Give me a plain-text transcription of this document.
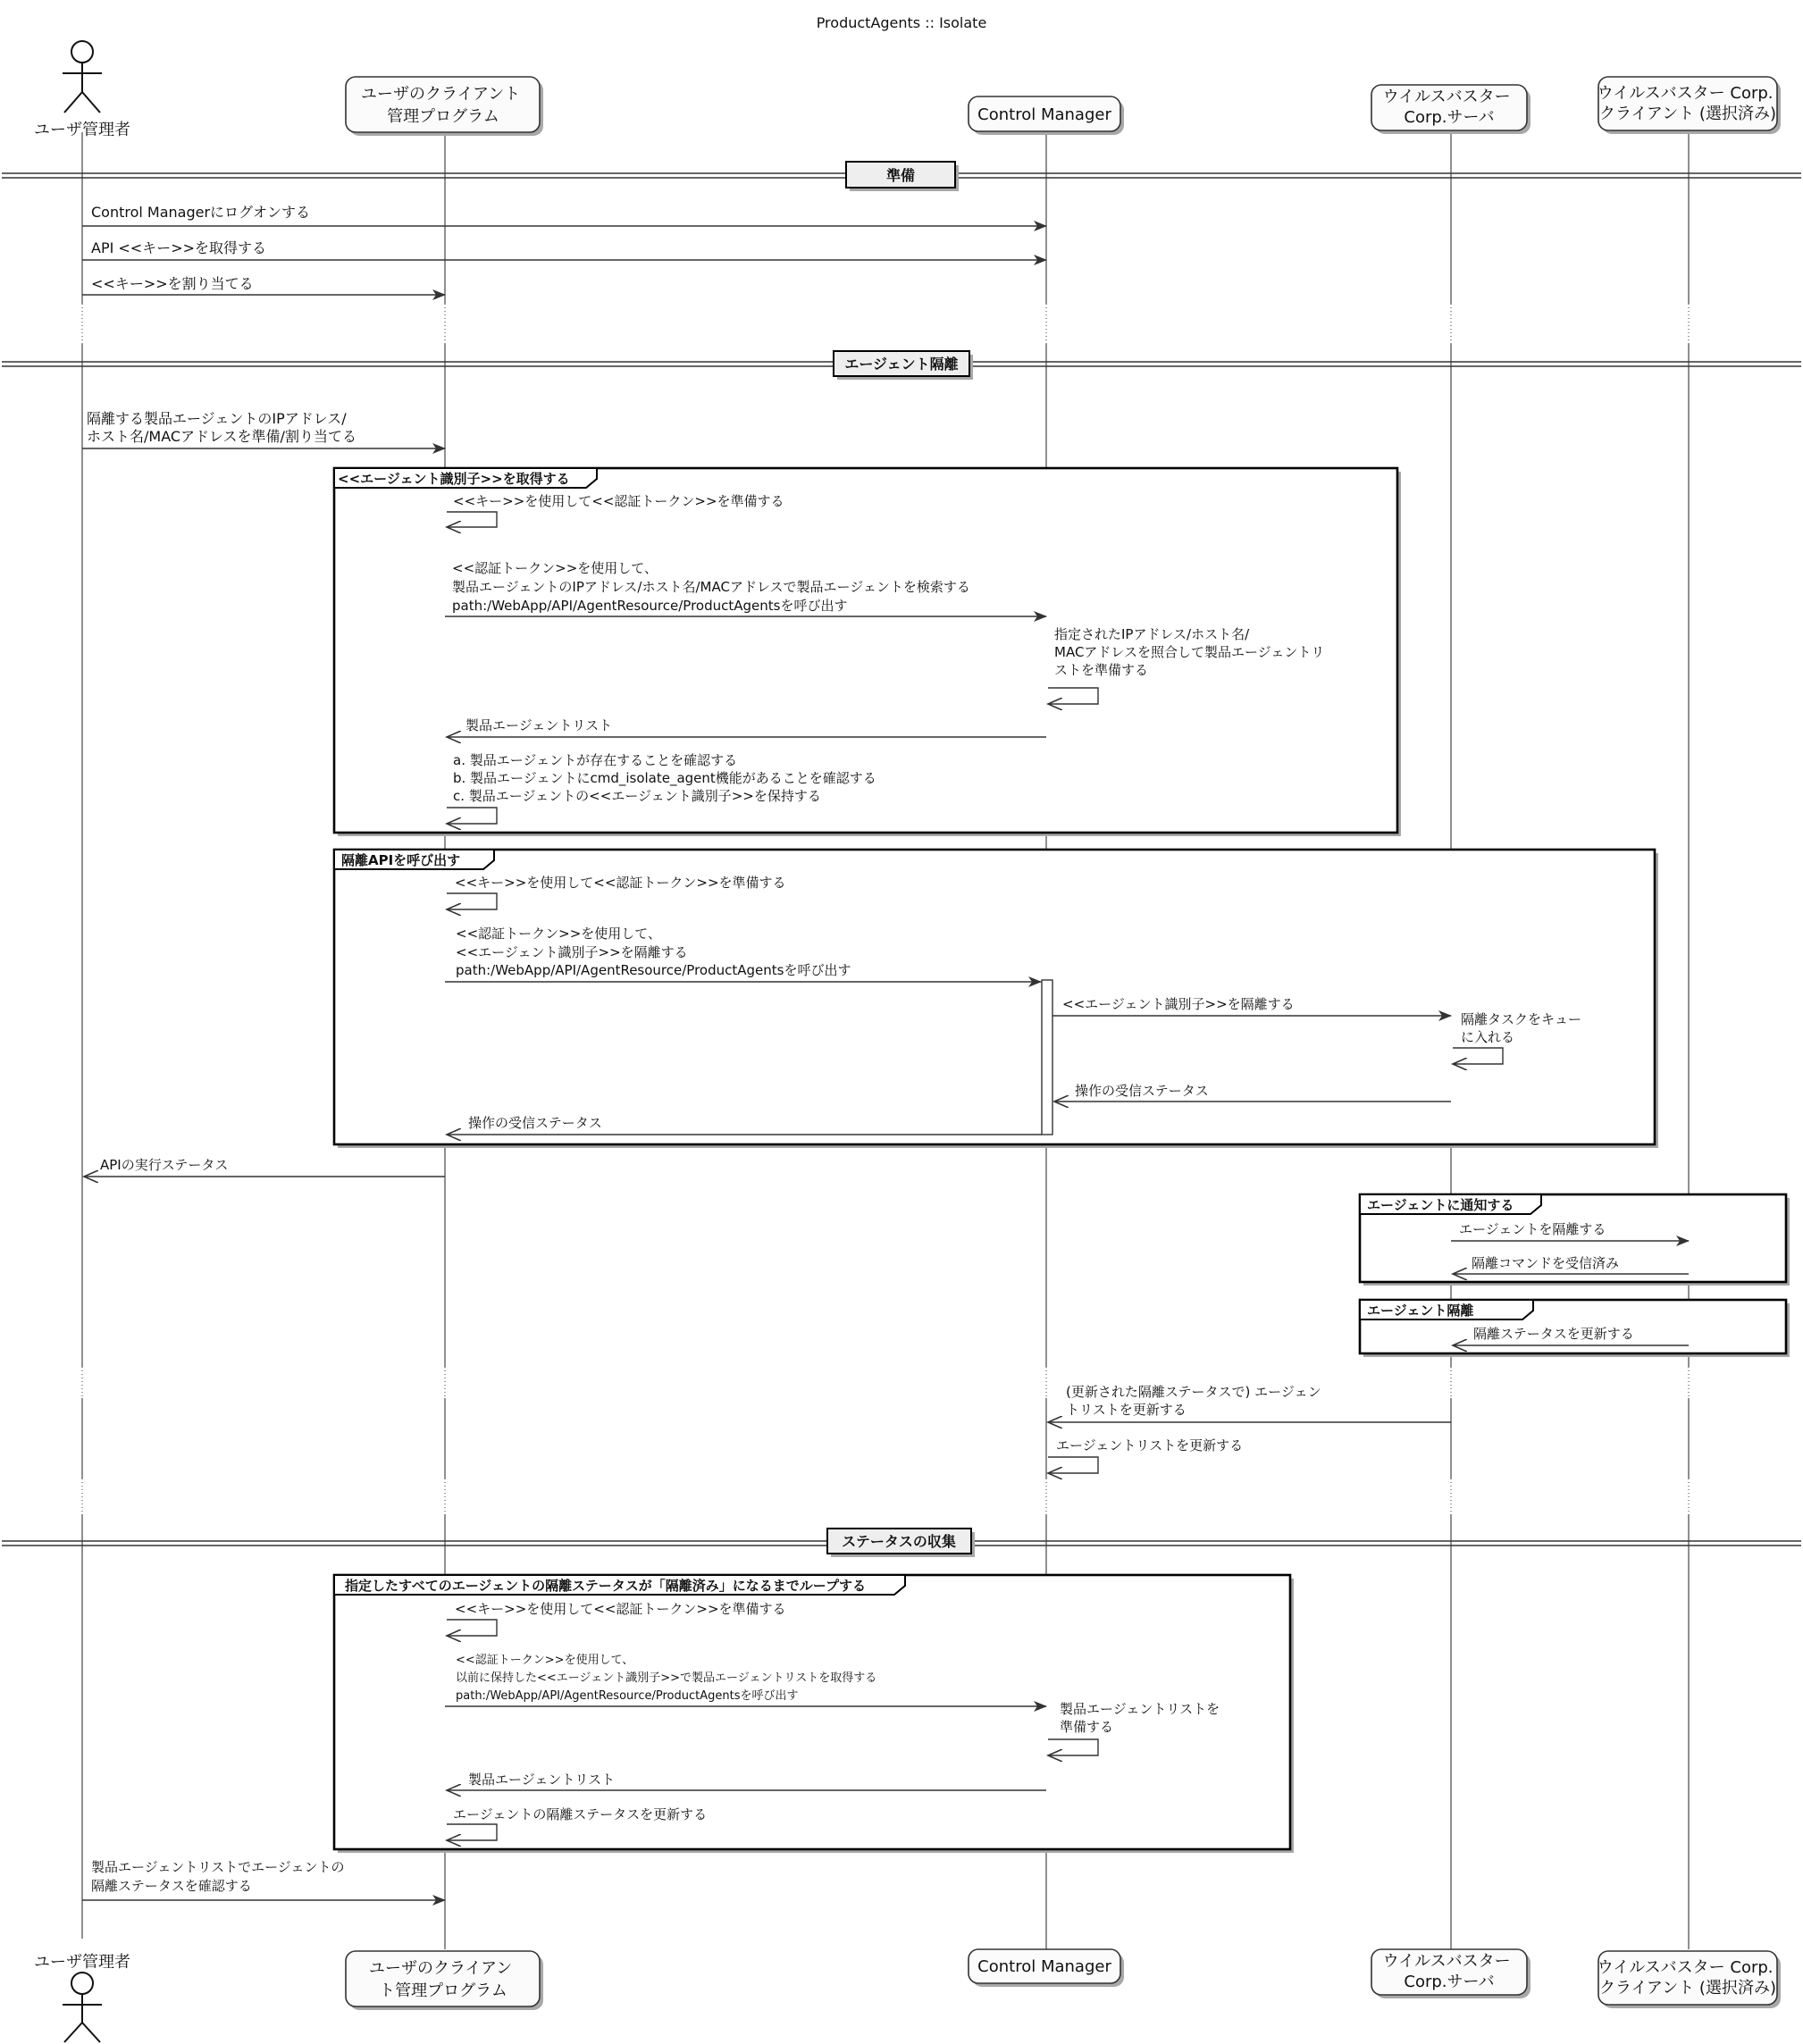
ProductAgents :: Isolate
ユーザ管理者
ユーザのクライアント 管理プログラム	Control Manager
ウイルスバスター Corp.サーバ
ウイルスバスター Corp. クライアント (選択済み)
準備
Control Managerにログオンする
API <<キー>>を取得する
<<キー>>を割り当てる
エージェント隔離
隔離する製品エージェントのIPアドレス/ ホスト名/MACアドレスを準備/割り当てる
<<エージェント識別子>>を取得する
<<キー>>を使用して<<認証トークン>>を準備する
<<認証トークン>>を使用して、 製品エージェントのIPアドレス/ホスト名/MACアドレスで製品エージェントを検索する path:/WebApp/API/AgentResource/ProductAgentsを呼び出す
指定されたIPアドレス/ホスト名/ MACアドレスを照合して製品エージェントリ ストを準備する
製品エージェントリスト
a. 製品エージェントが存在することを確認する b. 製品エージェントにcmd_isolate_agent機能があることを確認する c. 製品エージェントの<<エージェント識別子>>を保持する
隔離APIを呼び出す
<<キー>>を使用して<<認証トークン>>を準備する
<<認証トークン>>を使用して、 <<エージェント識別子>>を隔離する path:/WebApp/API/AgentResource/ProductAgentsを呼び出す
<<エージェント識別子>>を隔離する
隔離タスクをキュー に入れる
操作の受信ステータス
操作の受信ステータス
APIの実行ステータス
エージェントに通知する
エージェントを隔離する
隔離コマンドを受信済み
エージェント隔離
隔離ステータスを更新する
(更新された隔離ステータスで) エージェン トリストを更新する
エージェントリストを更新する
ステータスの収集
指定したすべてのエージェントの隔離ステータスが「隔離済み」になるまでループする
<<キー>>を使用して<<認証トークン>>を準備する
<<認証トークン>>を使用して、 以前に保持した<<エージェント識別子>>で製品エージェントリストを取得する path:/WebApp/API/AgentResource/ProductAgentsを呼び出す
製品エージェントリストを 準備する
製品エージェントリスト
エージェントの隔離ステータスを更新する
製品エージェントリストでエージェントの 隔離ステータスを確認する
ユーザ管理者	ユーザのクライアン ト管理プログラム
Control Manager	ウイルスバスター Corp.サーバ
ウイルスバスター Corp. クライアント (選択済み)
